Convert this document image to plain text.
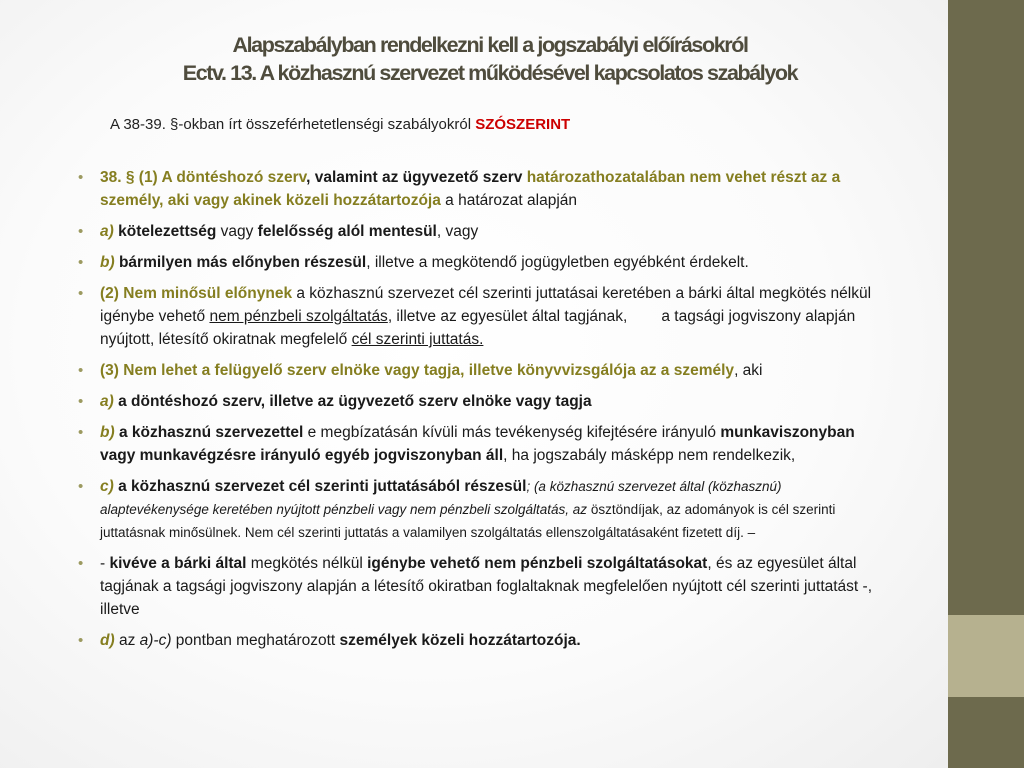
Alapszabályban rendelkezni kell a jogszabályi előírásokról
Ectv. 13. A közhasznú szervezet működésével kapcsolatos szabályok
A 38-39. §-okban írt összeférhetetlenségi szabályokról SZÓSZERINT
• 38. § (1) A döntéshozó szerv, valamint az ügyvezető szerv határozathozatalában nem vehet részt az a személy, aki vagy akinek közeli hozzátartozója a határozat alapján
• a) kötelezettség vagy felelősség alól mentesül, vagy
• b) bármilyen más előnyben részesül, illetve a megkötendő jogügyletben egyébként érdekelt.
• (2) Nem minősül előnynek a közhasznú szervezet cél szerinti juttatásai keretében a bárki által megkötés nélkül igénybe vehető nem pénzbeli szolgáltatás, illetve az egyesület által tagjának, a tagsági jogviszony alapján nyújtott, létesítő okiratnak megfelelő cél szerinti juttatás.
• (3) Nem lehet a felügyelő szerv elnöke vagy tagja, illetve könyvvizsgálója az a személy, aki
• a) a döntéshozó szerv, illetve az ügyvezető szerv elnöke vagy tagja
• b) a közhasznú szervezettel e megbízatásán kívüli más tevékenység kifejtésére irányuló munkaviszonyban vagy munkavégzésre irányuló egyéb jogviszonyban áll, ha jogszabály másképp nem rendelkezik,
• c) a közhasznú szervezet cél szerinti juttatásából részesül; (a közhasznú szervezet által (közhasznú) alaptevékenysége keretében nyújtott pénzbeli vagy nem pénzbeli szolgáltatás, az ösztöndíjak, az adományok is cél szerinti juttatásnak minősülnek. Nem cél szerinti juttatás a valamilyen szolgáltatás ellenszolgáltatásaként fizetett díj. –
• - kivéve a bárki által megkötés nélkül igénybe vehető nem pénzbeli szolgáltatásokat, és az egyesület által tagjának a tagsági jogviszony alapján a létesítő okiratban foglaltaknak megfelelően nyújtott cél szerinti juttatást -, illetve
• d) az a)-c) pontban meghatározott személyek közeli hozzátartozója.
